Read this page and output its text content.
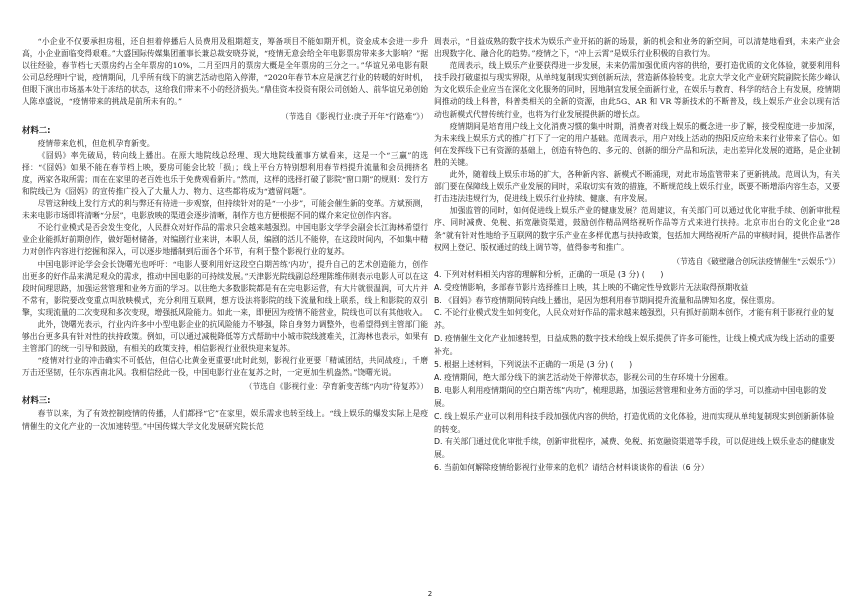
“小企业不仅要承担房租，还自担着停播后人员费用及租期超支，筹备项目不能如期开机，资金成本会进一步升高，小企业面临变得艰难。”大盛国际传媒集团董事长兼总裁安晓芬说，“疫情无意会给全年电影票房带来多大影响？”据以往经验，春节档七天票房约占全年票房的10%，二月至四月的票房大概是全年票房的三分之一。”华谊兄弟电影有限公司总经理叶宁说，疫情期间，几乎所有线下的演艺活动也陷入停滞，“2020年春节本应是演艺行业的转暖的好时机，但眼下演出市场基本处于冻结的状态，这给我们带来不小的经济损失。”鼎佳资本投资有限公司创始人、前华谊兄弟创始人陈卓盛说，“疫情带来的挑战是前所未有的。”

（节选自《影视行业:庚子开年“行路难”》）
材料二:

疫情带来危机，但危机孕育新变。

《囧妈》率先破局，转向线上播出。在原大地院线总经理、现大地院线董事方斌看来，这是一个“三赢”的选择：“《囧妈》如果不能在春节档上映，要房可能会比较「损」；线上平台方特别想利用春节档提升流量和会员拥挤名度，两家各取所需；而在在家里的老百姓也乐于免费观看新片。”然而，这样的选择打破了影院“窗口期”的规则：发行方和院线已为《囧妈》的宣传推广投入了大量人力、物力、这些都将成为“遗留问题”。

尽管这种线上发行方式的利与弊还有待进一步观察，但持续针对的是“一小步”，可能会催生新的变革。方斌预测，未来电影市场即将清晰“分层”，电影放映的渠道会逐步清晰，制作方也方便根据不同的媒介来定位创作内容。

不论行业模式是否会发生变化，人民群众对好作品的需求只会越来越强烈。中国电影文学学会副会长江海林希望行业企业能抓好前期创作，做好题材储备，对编剧行业来讲，本职人员，编剧的活儿不能停，在这段时间内，不如集中精力对创作内容进行挖掘和深入，可以逐步地播制到后面各个环节，有利于整个影视行业的复苏。

中国电影评论学会会长饶曙光也呼吁：“电影人要利用好这段空白期苦练‘内功’，提升自己的艺术创造能力，创作出更多的好作品来满足观众的需求，推动中国电影的可持续发展。”天津影光院线副总经理陈维伟则表示电影人可以在这段时间理思路，加强运营管理和业务方面的学习。以往绝大多数影院都是有在完电影运营，有大片就很温润，可大片并不常有，影院要改变重点叫放映模式，充分利用互联网，想方设法将影院的线下流量和线上联系，线上和影院的双引擎，实现流量的二次变现和多次变现，增强抵风险能力。如此一来，即便因为疫情不能营业，院线也可以有其他收入。

此外，饶曙光表示，行业内许多中小型电影企业的抗风险能力不够强，除自身努力调整外，也希望得到主管部门能够出台更多具有针对性的扶持政策。例如，可以通过减税降低等方式帮助中小城市院线渡难关，江海林也表示，如果有主管部门的统一引导和鼓励，有相关的政策支持，相信影视行业很快迎来复苏。

“疫情对行业的冲击确实不可低估，但信心比黄金更重要!此时此刻，影视行业更要「精诚团结，共同战疫」，千磨万击还坚韧，任尔东西南北风。我相信经此一役，中国电影行业在复苏之时，一定更加生机盎然。”饶曙光说。

（节选自《影视行业：孕育新变苦练“内功”待复苏》）
材料三:

春节以来，为了有效控制疫情的传播，人们都择“它”在家里，娱乐需求也转至线上。“线上娱乐的爆发实际上是疫情催生的文化产业的一次加速转型。”中国传媒大学文化发展研究院长范

周表示，“目益成熟的数字技术为娱乐产业开拓的新的场景，新的机会和业务的新空间，可以清楚地看到，未来产业会出现数字化、融合化的趋势。”疫情之下，“冲上云霄”是娱乐行业积极的自救行为。

范周表示，线上娱乐产业要获得进一步发展，未来仍需加强优质内容的供给，要打造优质的文化体验，就要利用科技手段打破虚拟与现实界限，从单纯复制现实到创新玩法，营造新体验转变。北京大学文化产业研究院副院长陈少峰认为文化娱乐企业应当在深化文化服务的同时，因地制宜发展全面新行业，在娱乐与教育、科学的结合上有发展，疫情期间推动的线上科普，科普类相关的全新的资源，由此5G、AR 和 VR 等新技术的不断普及，线上娱乐产业会以现有活动也新模式代替传统行业，也将为行业发展提供新的增长点。

疫情期间是培育用户线上文化消费习惯的集中时期，消费者对线上娱乐的概念进一步了解，接受程度进一步加深，为未来线上娱乐方式的推广打下了一定的用户基础。范周表示，用户对线上活动的热阳反应给未来行业带来了信心。如何在发挥线下已有资源的基础上，创造有特色的、多元的、创新的细分产品和玩法，走出差异化发展的道路，是企业制胜的关键。

此外，随着线上娱乐市场的扩大，各种新内容、新模式不断涌现，对此市场监管带来了更新挑战。范周认为，有关部门要在保障线上娱乐产业发展的同时，采取切实有效的措施，不断规范线上娱乐行业，既要不断增添内容生态，又要打击违法违规行为，促进线上娱乐行业持续、健康、有序发展。

加强监管的同时，如何促进线上娱乐产业的健康发展？范周建议，有关部门可以通过优化审批手续、创新审批程序、同时减费、免税、拓宽融资渠道，鼓励创作精品网络视听作品等方式来进行扶持。北京市出台的文化企业“28条”就有针对性地给予互联网的数字乐产业在多样优惠与扶持政策，包括加大网络视听产品的审核时间，提供作品著作权网上登记、版权通过的线上调节等，值得参考和推广。

（节选自《破壁融合创玩法疫情催生“云娱乐”》）

4. 下列对材料相关内容的理解和分析，正确的一项是 (3 分) (　　)

A. 受疫情影响，多部春节影片选择推日上映，其上映的不确定性导致影片无法取得预期收益

B. 《囧妈》春节疫情期间转向线上播出，是因为想利用春节期间提升流量和品牌知名度，保住票房。

C. 不论行业模式发生如何变化，人民众对好作品的需求越来越强烈，只有抓好前期本创作，才能有利于影视行业的复苏。

D. 疫情催生文化产业加速转型，日益成熟的数字技术给线上娱乐提供了许多可能性，让线上模式成为线上活动的重要补充。

5. 根据上述材料，下列说法不正确的一项是 (3 分) (　　)

A. 疫情期间，绝大部分线下的演艺活动处于停滞状态，影视公司的生存环境十分困难。

B. 电影人利用疫情期间的空白期苦练“内功”，梳理思路，加强运营管理和业务方面的学习，可以推动中国电影的发展。

C. 线上娱乐产业可以利用科技手段加强优内容的供给，打造优质的文化体验，进而实现从单纯复制现实到创新新体验的转变。

D. 有关部门通过优化审批手续，创新审批程序，减费、免税、拓宽融资渠道等手段，可以促进线上娱乐业态的健康发展。

6. 当前如何解除疫情给影视行业带来的危机？请结合材料谈谈你的看法（6 分）

2
